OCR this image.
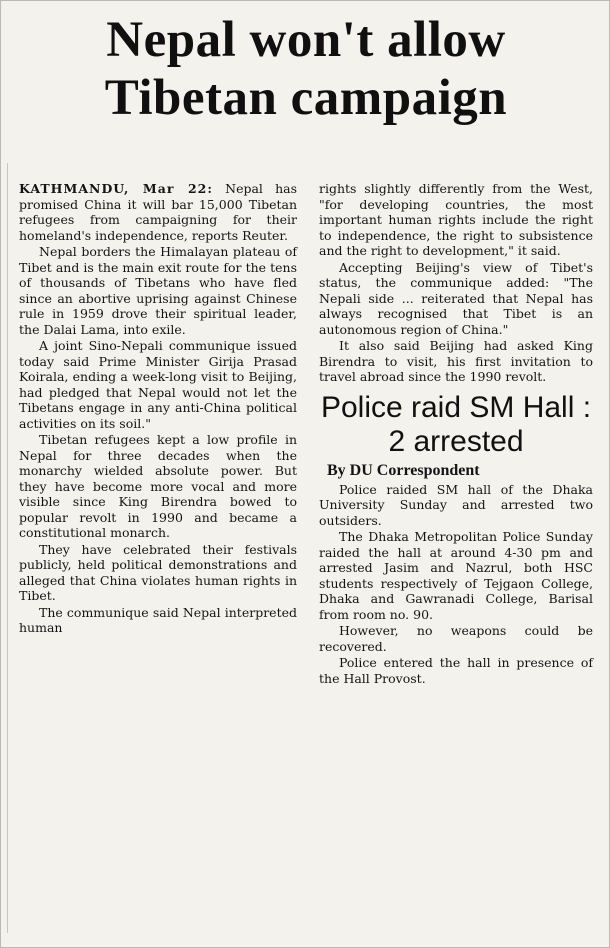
Nepal won't allow
Tibetan campaign

KATHMANDU, Mar 22: Nepal has promised China it will bar 15,000 Tibetan refugees from campaigning for their homeland's independence, reports Reuter.

Nepal borders the Himalayan plateau of Tibet and is the main exit route for the tens of thousands of Tibetans who have fled since an abortive uprising against Chinese rule in 1959 drove their spiritual leader, the Dalai Lama, into exile.

A joint Sino-Nepali communique issued today said Prime Minister Girija Prasad Koirala, ending a week-long visit to Beijing, had pledged that Nepal would not let the Tibetans engage in any anti-China political activities on its soil."

Tibetan refugees kept a low profile in Nepal for three decades when the monarchy wielded absolute power. But they have become more vocal and more visible since King Birendra bowed to popular revolt in 1990 and became a constitutional monarch.

They have celebrated their festivals publicly, held political demonstrations and alleged that China violates human rights in Tibet.

The communique said Nepal interpreted human

rights slightly differently from the West, "for developing countries, the most important human rights include the right to independence, the right to subsistence and the right to development," it said.

Accepting Beijing's view of Tibet's status, the communique added: "The Nepali side ... reiterated that Nepal has always recognised that Tibet is an autonomous region of China."

It also said Beijing had asked King Birendra to visit, his first invitation to travel abroad since the 1990 revolt.

Police raid SM Hall : 2 arrested
By DU Correspondent

Police raided SM hall of the Dhaka University Sunday and arrested two outsiders.

The Dhaka Metropolitan Police Sunday raided the hall at around 4-30 pm and arrested Jasim and Nazrul, both HSC students respectively of Tejgaon College, Dhaka and Gawranadi College, Barisal from room no. 90.

However, no weapons could be recovered.

Police entered the hall in presence of the Hall Provost.
